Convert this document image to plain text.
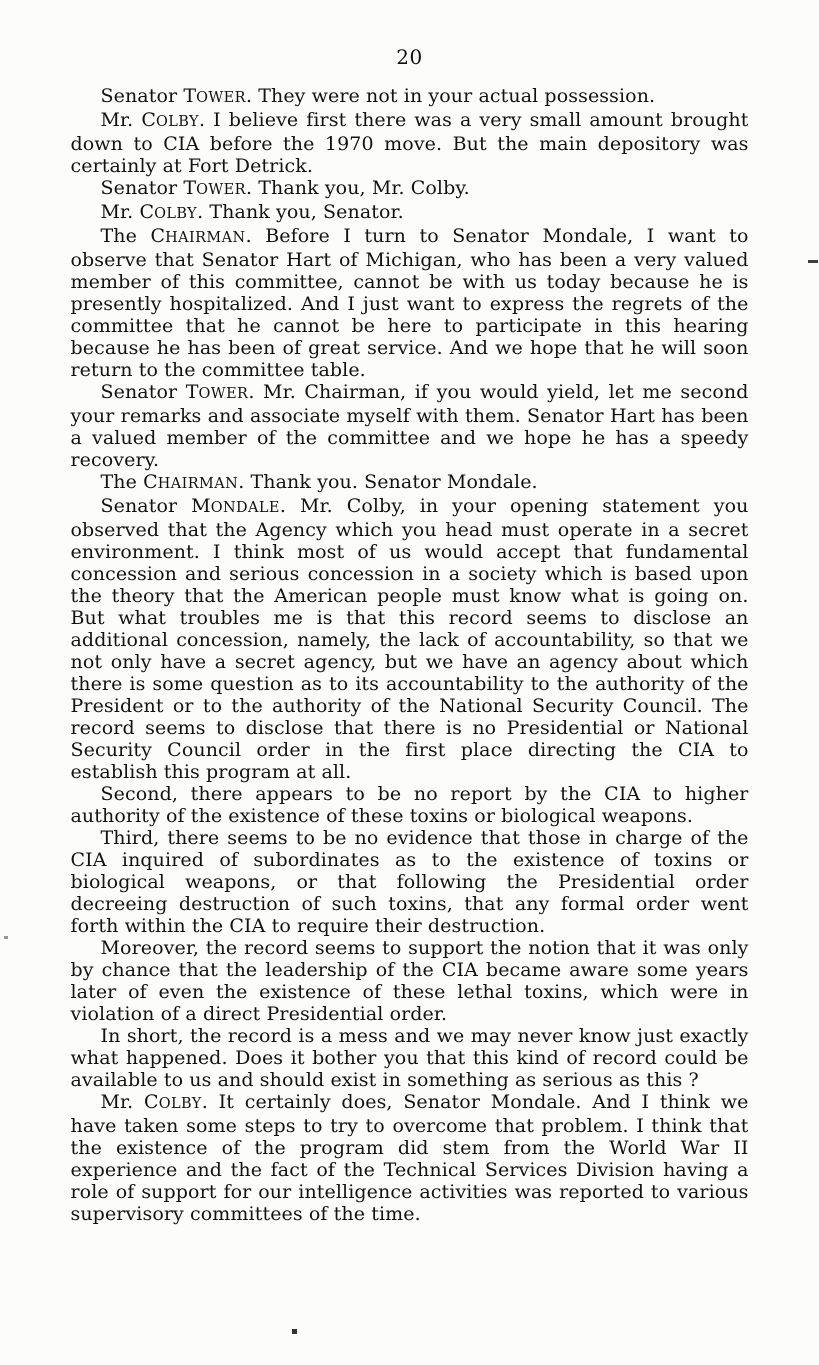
20

Senator TOWER. They were not in your actual possession.

Mr. COLBY. I believe first there was a very small amount brought down to CIA before the 1970 move. But the main depository was certainly at Fort Detrick.

Senator TOWER. Thank you, Mr. Colby.

Mr. COLBY. Thank you, Senator.

The CHAIRMAN. Before I turn to Senator Mondale, I want to observe that Senator Hart of Michigan, who has been a very valued member of this committee, cannot be with us today because he is presently hospitalized. And I just want to express the regrets of the committee that he cannot be here to participate in this hearing because he has been of great service. And we hope that he will soon return to the committee table.

Senator TOWER. Mr. Chairman, if you would yield, let me second your remarks and associate myself with them. Senator Hart has been a valued member of the committee and we hope he has a speedy recovery.

The CHAIRMAN. Thank you. Senator Mondale.

Senator MONDALE. Mr. Colby, in your opening statement you observed that the Agency which you head must operate in a secret environment. I think most of us would accept that fundamental concession and serious concession in a society which is based upon the theory that the American people must know what is going on. But what troubles me is that this record seems to disclose an additional concession, namely, the lack of accountability, so that we not only have a secret agency, but we have an agency about which there is some question as to its accountability to the authority of the President or to the authority of the National Security Council. The record seems to disclose that there is no Presidential or National Security Council order in the first place directing the CIA to establish this program at all.

Second, there appears to be no report by the CIA to higher authority of the existence of these toxins or biological weapons.

Third, there seems to be no evidence that those in charge of the CIA inquired of subordinates as to the existence of toxins or biological weapons, or that following the Presidential order decreeing destruction of such toxins, that any formal order went forth within the CIA to require their destruction.

Moreover, the record seems to support the notion that it was only by chance that the leadership of the CIA became aware some years later of even the existence of these lethal toxins, which were in violation of a direct Presidential order.

In short, the record is a mess and we may never know just exactly what happened. Does it bother you that this kind of record could be available to us and should exist in something as serious as this ?

Mr. COLBY. It certainly does, Senator Mondale. And I think we have taken some steps to try to overcome that problem. I think that the existence of the program did stem from the World War II experience and the fact of the Technical Services Division having a role of support for our intelligence activities was reported to various supervisory committees of the time.
